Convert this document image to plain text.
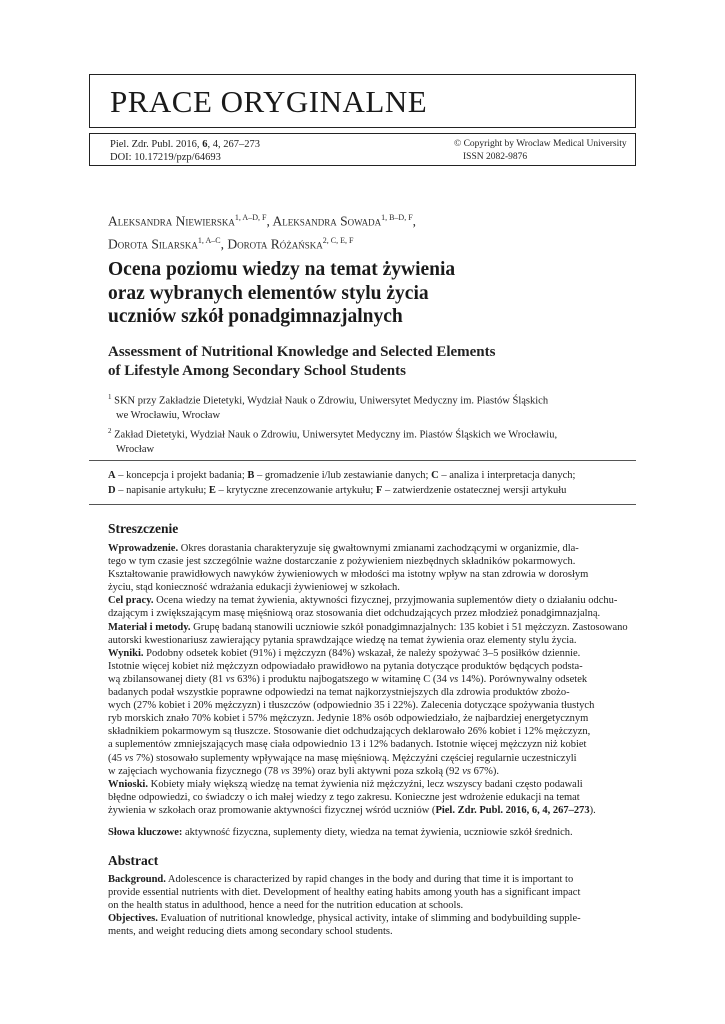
PRACE ORYGINALNE
Piel. Zdr. Publ. 2016, 6, 4, 267–273
DOI: 10.17219/pzp/64693
© Copyright by Wroclaw Medical University
ISSN 2082-9876
Aleksandra Niewierska$^{1, A-D, F}$, Aleksandra Sowada$^{1, B-D, F}$,
Dorota Silarska$^{1, A-C}$, Dorota Różańska$^{2, C, E, F}$
Ocena poziomu wiedzy na temat żywienia
oraz wybranych elementów stylu życia
uczniów szkół ponadgimnazjalnych
Assessment of Nutritional Knowledge and Selected Elements
of Lifestyle Among Secondary School Students
$^1$ SKN przy Zakładzie Dietetyki, Wydział Nauk o Zdrowiu, Uniwersytet Medyczny im. Piastów Śląskich
we Wrocławiu, Wrocław
$^2$ Zakład Dietetyki, Wydział Nauk o Zdrowiu, Uniwersytet Medyczny im. Piastów Śląskich we Wrocławiu,
Wrocław
A – koncepcja i projekt badania; B – gromadzenie i/lub zestawianie danych; C – analiza i interpretacja danych;
D – napisanie artykułu; E – krytyczne zrecenzowanie artykułu; F – zatwierdzenie ostatecznej wersji artykułu
Streszczenie
Wprowadzenie. Okres dorastania charakteryzuje się gwałtownymi zmianami zachodzącymi w organizmie, dla-
tego w tym czasie jest szczególnie ważne dostarczanie z pożywieniem niezbędnych składników pokarmowych.
Kształtowanie prawidłowych nawyków żywieniowych w młodości ma istotny wpływ na stan zdrowia w dorosłym
życiu, stąd konieczność wdrażania edukacji żywieniowej w szkołach.
Cel pracy. Ocena wiedzy na temat żywienia, aktywności fizycznej, przyjmowania suplementów diety o działaniu odchu-
dzającym i zwiększającym masę mięśniową oraz stosowania diet odchudzających przez młodzież ponadgimnazjalną.
Materiał i metody. Grupę badaną stanowili uczniowie szkół ponadgimnazjalnych: 135 kobiet i 51 mężczyzn. Zastosowano
autorski kwestionariusz zawierający pytania sprawdzające wiedzę na temat żywienia oraz elementy stylu życia.
Wyniki. Podobny odsetek kobiet (91%) i mężczyzn (84%) wskazał, że należy spożywać 3–5 posiłków dziennie.
Istotnie więcej kobiet niż mężczyzn odpowiadało prawidłowo na pytania dotyczące produktów będących podsta-
wą zbilansowanej diety (81 vs 63%) i produktu najbogatszego w witaminę C (34 vs 14%). Porównywalny odsetek
badanych podał wszystkie poprawne odpowiedzi na temat najkorzystniejszych dla zdrowia produktów zbożo-
wych (27% kobiet i 20% mężczyzn) i tłuszczów (odpowiednio 35 i 22%). Zalecenia dotyczące spożywania tłustych
ryb morskich znało 70% kobiet i 57% mężczyzn. Jedynie 18% osób odpowiedziało, że najbardziej energetycznym
składnikiem pokarmowym są tłuszcze. Stosowanie diet odchudzających deklarowało 26% kobiet i 12% mężczyzn,
a suplementów zmniejszających masę ciała odpowiednio 13 i 12% badanych. Istotnie więcej mężczyzn niż kobiet
(45 vs 7%) stosowało suplementy wpływające na masę mięśniową. Mężczyźni częściej regularnie uczestniczyli
w zajęciach wychowania fizycznego (78 vs 39%) oraz byli aktywni poza szkołą (92 vs 67%).
Wnioski. Kobiety miały większą wiedzę na temat żywienia niż mężczyźni, lecz wszyscy badani często podawali
błędne odpowiedzi, co świadczy o ich małej wiedzy z tego zakresu. Konieczne jest wdrożenie edukacji na temat
żywienia w szkołach oraz promowanie aktywności fizycznej wśród uczniów (Piel. Zdr. Publ. 2016, 6, 4, 267–273).
Słowa kluczowe: aktywność fizyczna, suplementy diety, wiedza na temat żywienia, uczniowie szkół średnich.
Abstract
Background. Adolescence is characterized by rapid changes in the body and during that time it is important to
provide essential nutrients with diet. Development of healthy eating habits among youth has a significant impact
on the health status in adulthood, hence a need for the nutrition education at schools.
Objectives. Evaluation of nutritional knowledge, physical activity, intake of slimming and bodybuilding supple-
ments, and weight reducing diets among secondary school students.
